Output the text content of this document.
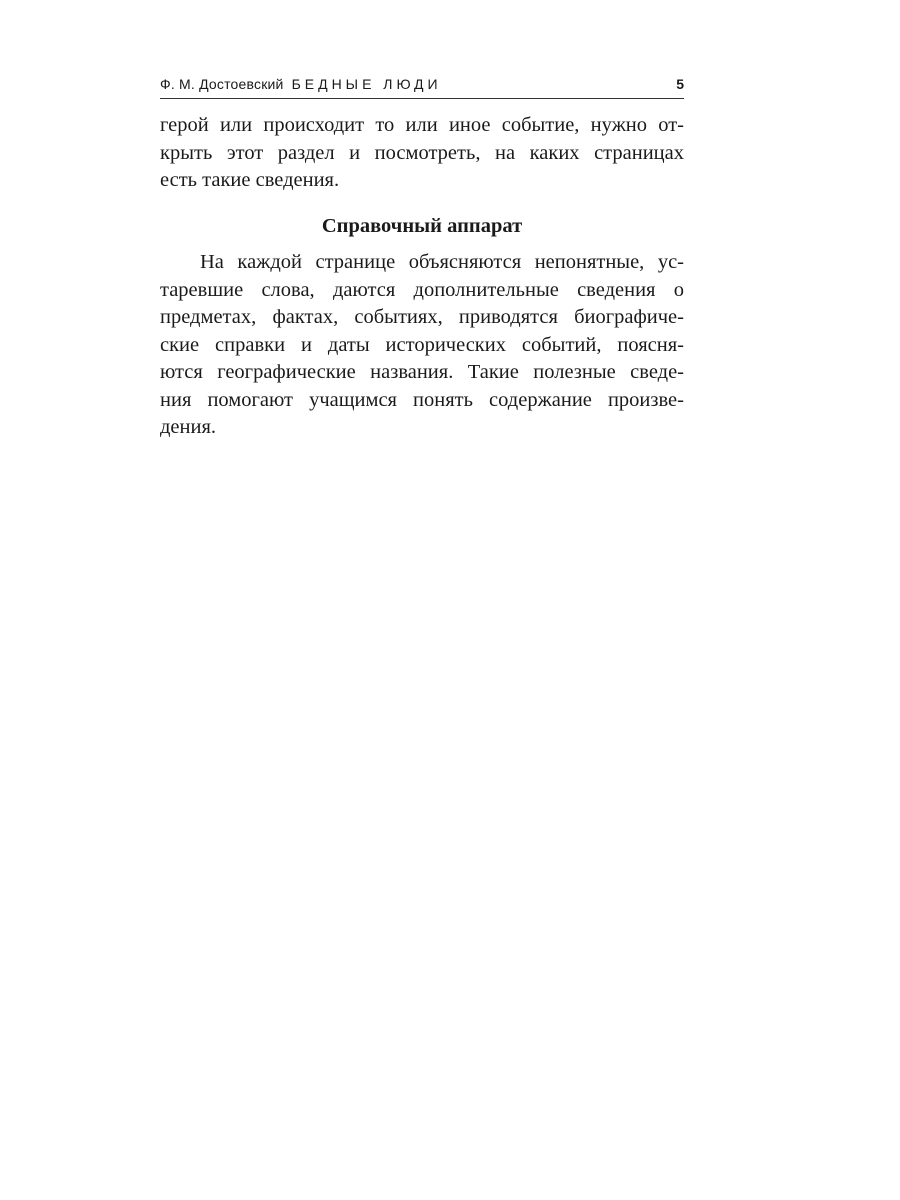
Ф. М. Достоевский БЕДНЫЕ ЛЮДИ	5
герой или происходит то или иное событие, нужно от-
крыть этот раздел и посмотреть, на каких страницах
есть такие сведения.
Справочный аппарат
На каждой странице объясняются непонятные, ус-
таревшие слова, даются дополнительные сведения о
предметах, фактах, событиях, приводятся биографиче-
ские справки и даты исторических событий, поясня-
ются географические названия. Такие полезные сведе-
ния помогают учащимся понять содержание произве-
дения.
